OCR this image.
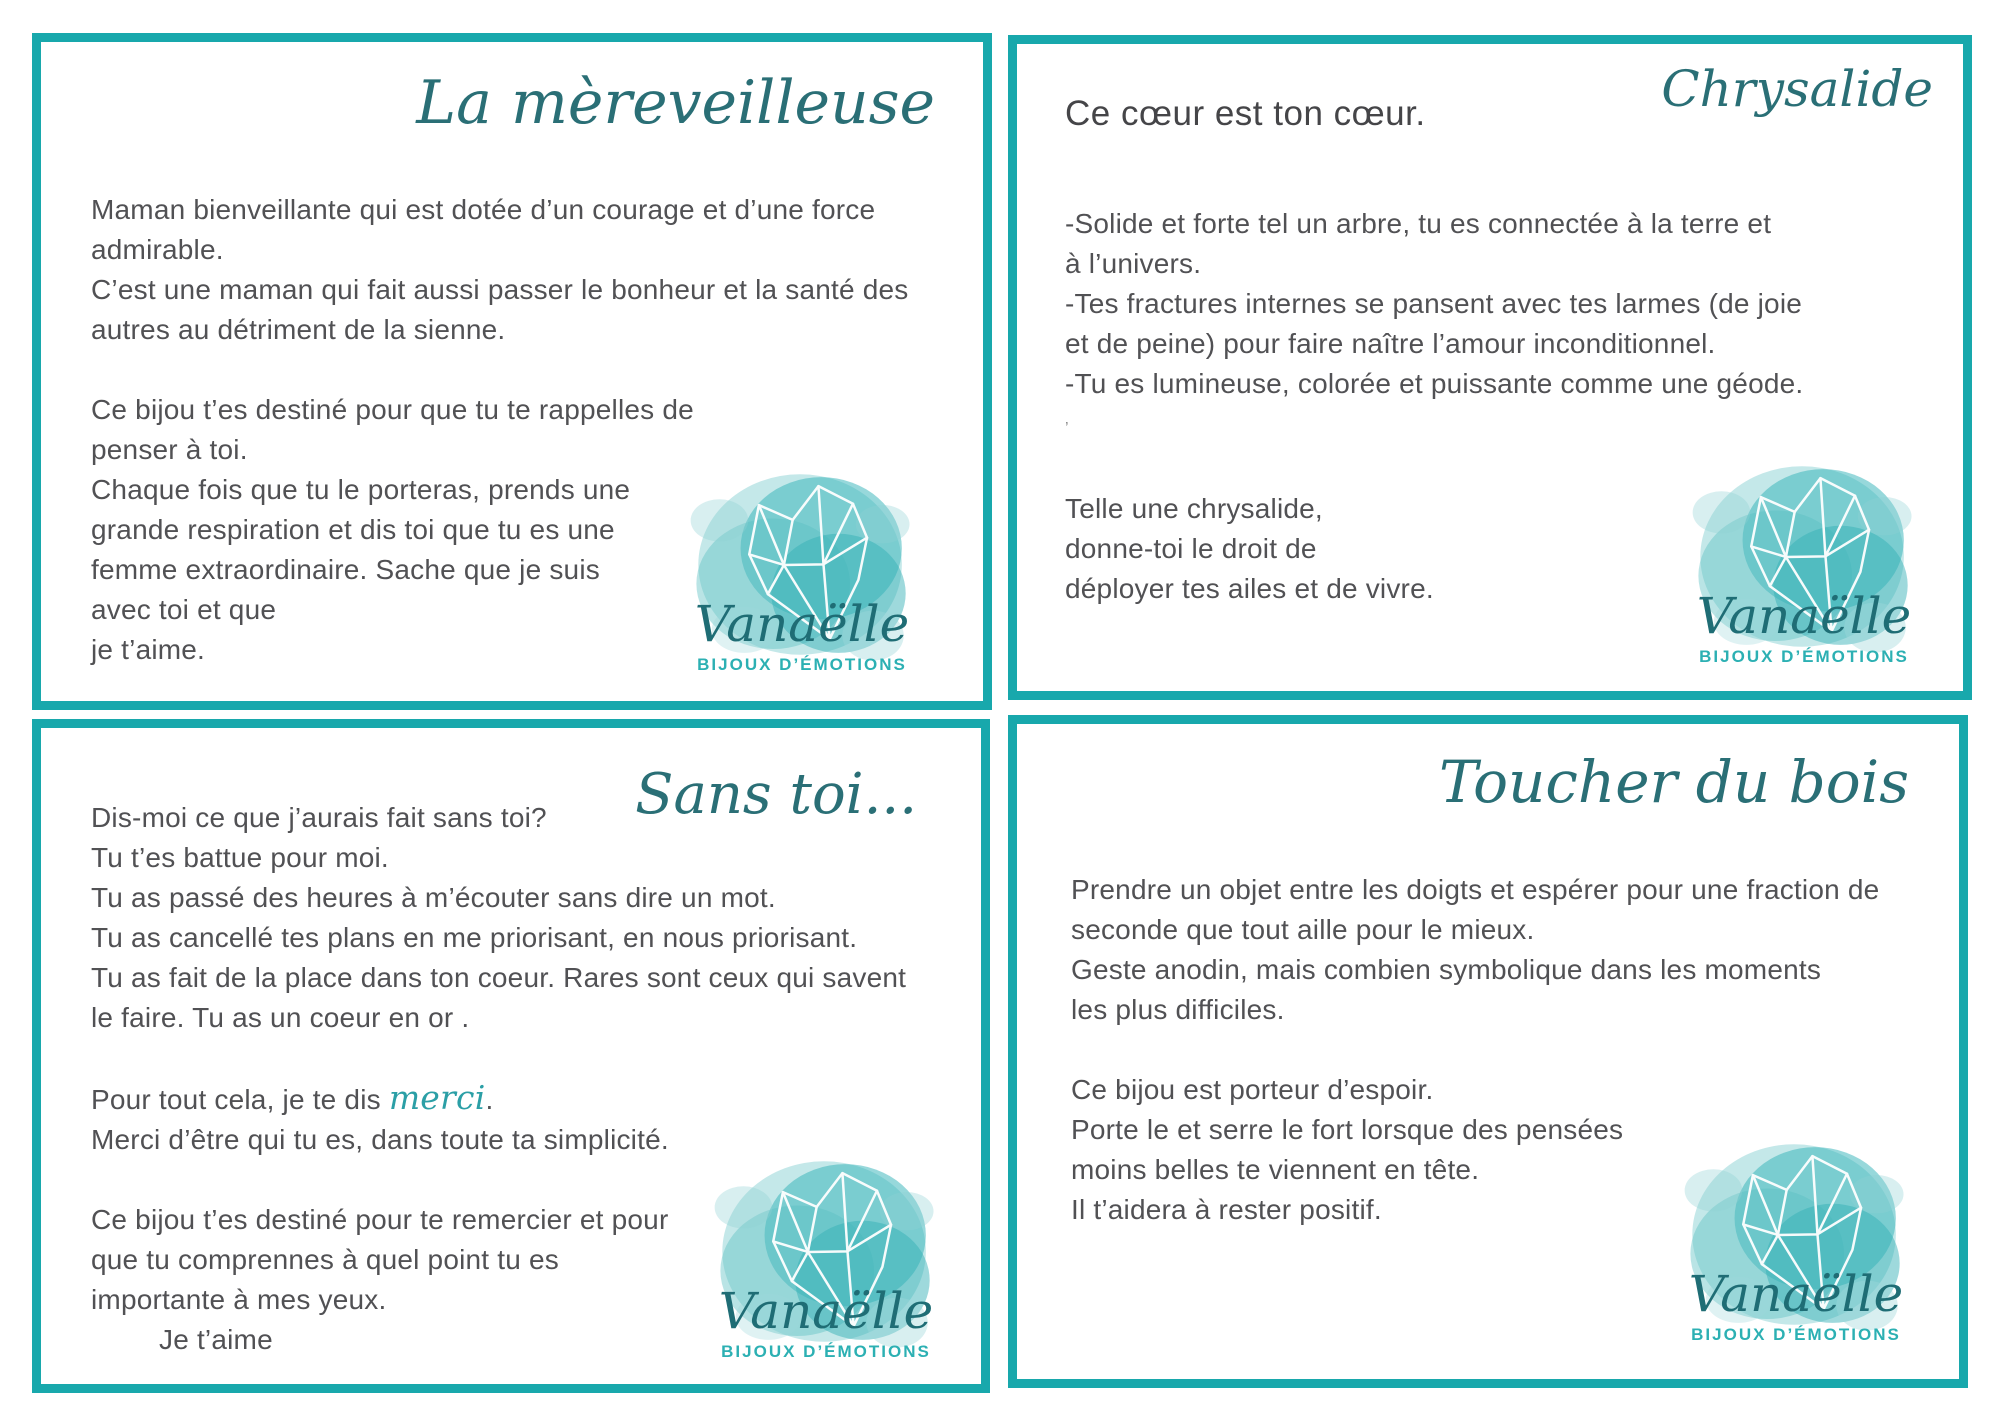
La mèreveilleuse
Maman bienveillante qui est dotée d’un courage et d’une force
admirable.
C’est une maman qui fait aussi passer le bonheur et la santé des
autres au détriment de la sienne.

Ce bijou t’es destiné pour que tu te rappelles de
penser à toi.
Chaque fois que tu le porteras, prends une
grande respiration et dis toi que tu es une
femme extraordinaire. Sache que je suis
avec toi et que
je t’aime.	Vanaëlle
BIJOUX D’ÉMOTIONS
Ce cœur est ton cœur.	Chrysalide
-Solide et forte tel un arbre, tu es connectée à la terre et
à l’univers.
-Tes fractures internes se pansent avec tes larmes (de joie
et de peine) pour faire naître l’amour inconditionnel.
-Tu es lumineuse, colorée et puissante comme une géode.
’

Telle une chrysalide,
donne-toi le droit de
déployer tes ailes et de vivre.	Vanaëlle
BIJOUX D’ÉMOTIONS
Sans toi...
Dis-moi ce que j’aurais fait sans toi?
Tu t’es battue pour moi.
Tu as passé des heures à m’écouter sans dire un mot.
Tu as cancellé tes plans en me priorisant, en nous priorisant.
Tu as fait de la place dans ton coeur. Rares sont ceux qui savent
le faire. Tu as un coeur en or .

Pour tout cela, je te dis merci.
Merci d’être qui tu es, dans toute ta simplicité.

Ce bijou t’es destiné pour te remercier et pour
que tu comprennes à quel point tu es
importante à mes yeux.
Je t’aime	Vanaëlle
BIJOUX D’ÉMOTIONS
Toucher du bois
Prendre un objet entre les doigts et espérer pour une fraction de
seconde que tout aille pour le mieux.
Geste anodin, mais combien symbolique dans les moments
les plus difficiles.

Ce bijou est porteur d’espoir.
Porte le et serre le fort lorsque des pensées
moins belles te viennent en tête.
Il t’aidera à rester positif.
Vanaëlle
BIJOUX D’ÉMOTIONS
